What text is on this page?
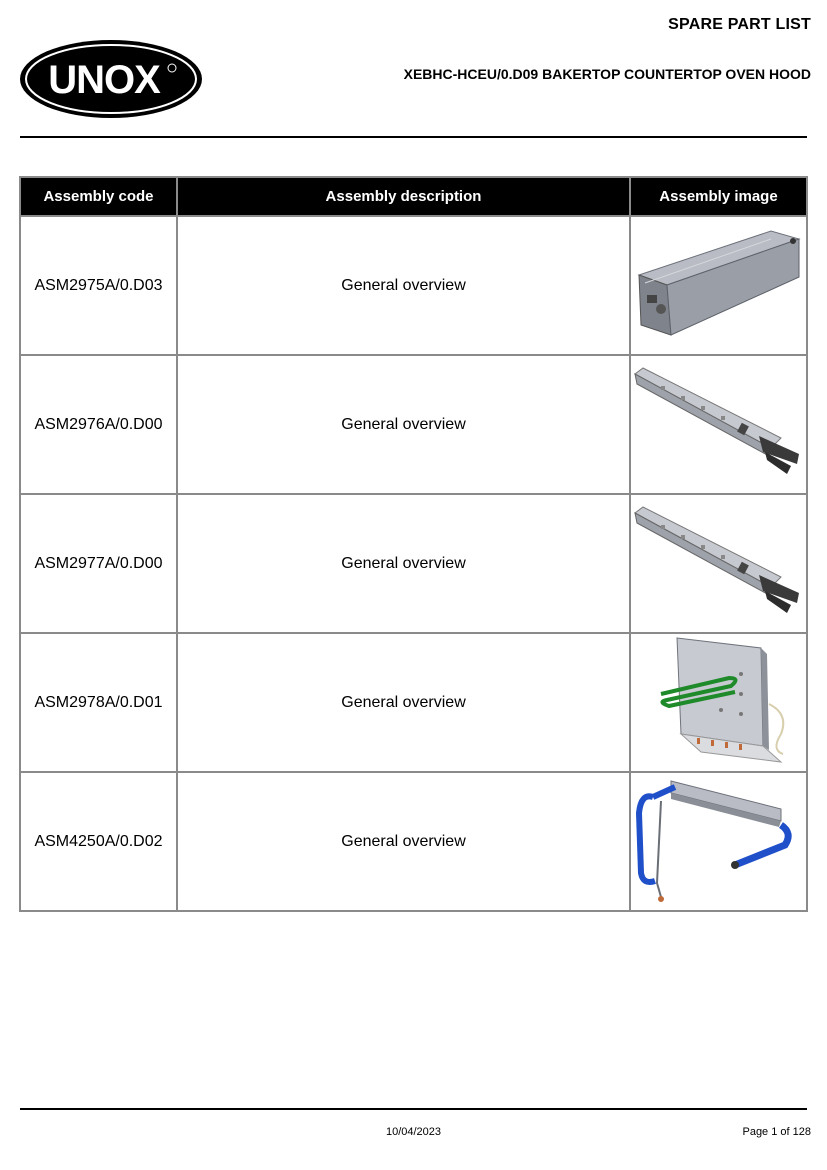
UNOX
SPARE PART LIST
XEBHC-HCEU/0.D09 BAKERTOP COUNTERTOP OVEN HOOD
Assembly code	Assembly description	Assembly image
ASM2975A/0.D03	General overview	

ASM2976A/0.D00	General overview	

ASM2977A/0.D00	General overview	

ASM2978A/0.D01	General overview	

ASM4250A/0.D02	General overview	
10/04/2023	Page 1 of 128
